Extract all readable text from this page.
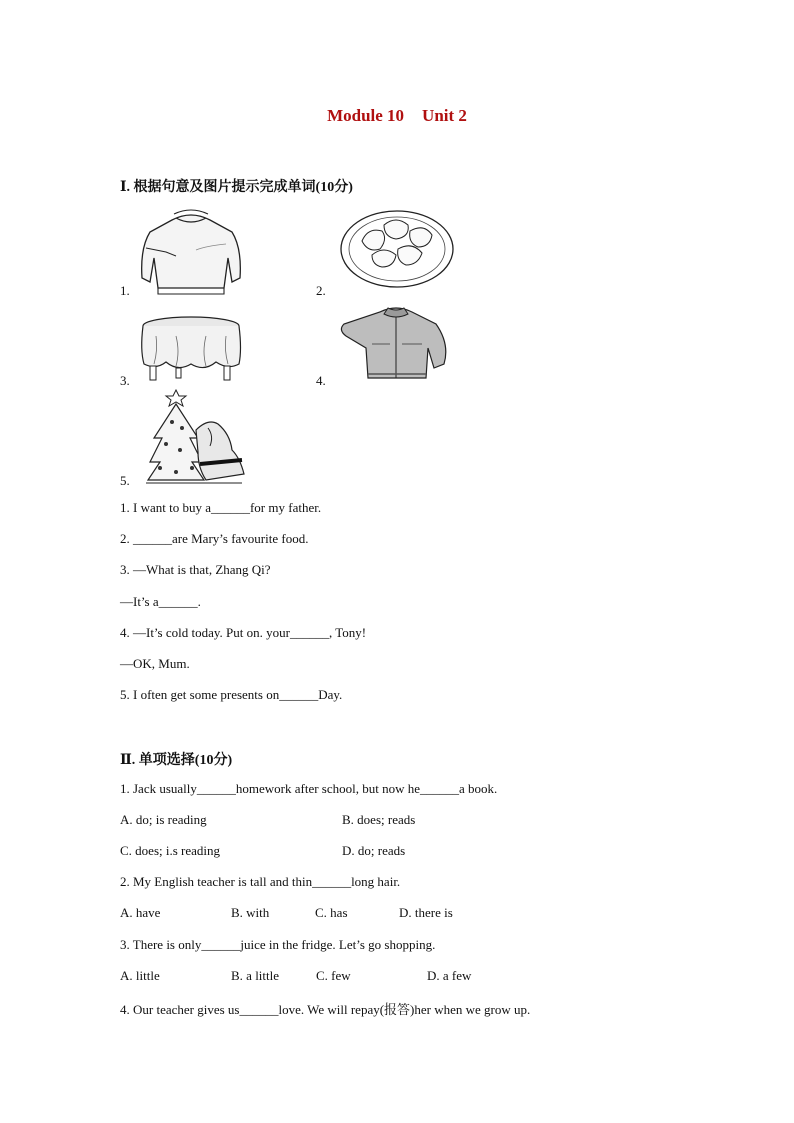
Module 10 Unit 2
Ⅰ. 根据句意及图片提示完成单词(10分)
1.	2.
3.	4.
5.
1. I want to buy a______for my father.
2. ______are Mary’s favourite food.
3. —What is that, Zhang Qi?
—It’s a______.
4. —It’s cold today. Put on. your______, Tony!
—OK, Mum.
5. I often get some presents on______Day.
Ⅱ. 单项选择(10分)
1. Jack usually______homework after school, but now he______a book.
A. do; is reading	B. does; reads
C. does; i.s reading	D. do; reads
2. My English teacher is tall and thin______long hair.
A. have	B. with	C. has	D. there is
3. There is only______juice in the fridge. Let’s go shopping.
A. little	B. a little	C. few	D. a few
4. Our teacher gives us______love. We will repay(报答)her when we grow up.
